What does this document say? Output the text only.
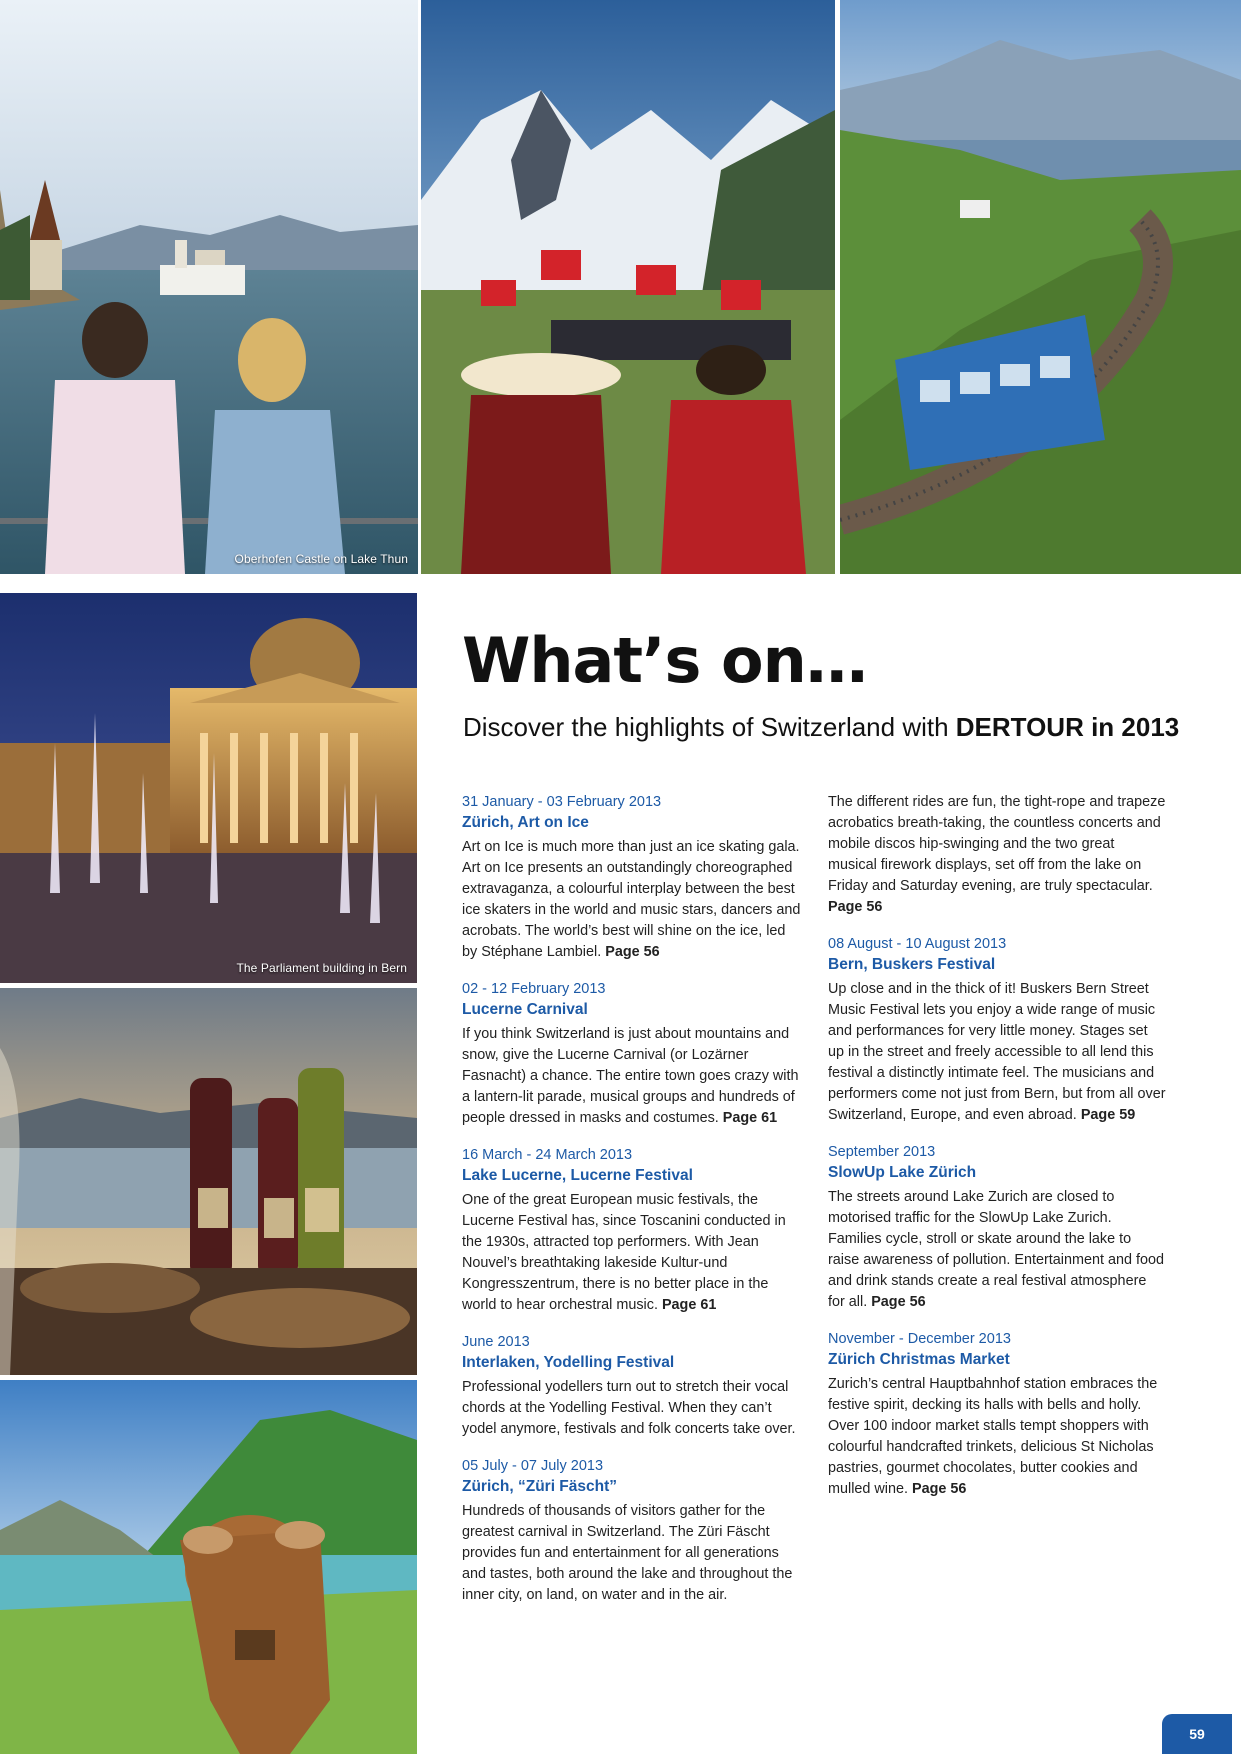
Oberhofen Castle on Lake Thun
The Parliament building in Bern
What’s on…
Discover the highlights of Switzerland with DERTOUR in 2013
31 January - 03 February 2013
Zürich, Art on Ice
Art on Ice is much more than just an ice skating gala. Art on Ice presents an outstandingly choreographed extravaganza, a colourful interplay between the best ice skaters in the world and music stars, dancers and acrobats. The world’s best will shine on the ice, led by Stéphane Lambiel. Page 56
02 - 12 February 2013
Lucerne Carnival
If you think Switzerland is just about mountains and snow, give the Lucerne Carnival (or Lozärner Fasnacht) a chance. The entire town goes crazy with a lantern-lit parade, musical groups and hundreds of people dressed in masks and costumes. Page 61
16 March - 24 March 2013
Lake Lucerne, Lucerne Festival
One of the great European music festivals, the Lucerne Festival has, since Toscanini conducted in the 1930s, attracted top performers. With Jean Nouvel’s breathtaking lakeside Kultur-und Kongresszentrum, there is no better place in the world to hear orchestral music. Page 61
June 2013
Interlaken, Yodelling Festival
Professional yodellers turn out to stretch their vocal chords at the Yodelling Festival. When they can’t yodel anymore, festivals and folk concerts take over.
05 July - 07 July 2013
Zürich, “Züri Fäscht”
Hundreds of thousands of visitors gather for the greatest carnival in Switzerland. The Züri Fäscht provides fun and entertainment for all generations and tastes, both around the lake and throughout the inner city, on land, on water and in the air.
The different rides are fun, the tight-rope and trapeze acrobatics breath-taking, the countless concerts and mobile discos hip-swinging and the two great musical firework displays, set off from the lake on Friday and Saturday evening, are truly spectacular. Page 56
08 August - 10 August 2013
Bern, Buskers Festival
Up close and in the thick of it! Buskers Bern Street Music Festival lets you enjoy a wide range of music and performances for very little money. Stages set up in the street and freely accessible to all lend this festival a distinctly intimate feel. The musicians and performers come not just from Bern, but from all over Switzerland, Europe, and even abroad. Page 59
September 2013
SlowUp Lake Zürich
The streets around Lake Zurich are closed to motorised traffic for the SlowUp Lake Zurich. Families cycle, stroll or skate around the lake to raise awareness of pollution. Entertainment and food and drink stands create a real festival atmosphere for all. Page 56
November - December 2013
Zürich Christmas Market
Zurich’s central Hauptbahnhof station embraces the festive spirit, decking its halls with bells and holly. Over 100 indoor market stalls tempt shoppers with colourful handcrafted trinkets, delicious St Nicholas pastries, gourmet chocolates, butter cookies and mulled wine. Page 56
59
